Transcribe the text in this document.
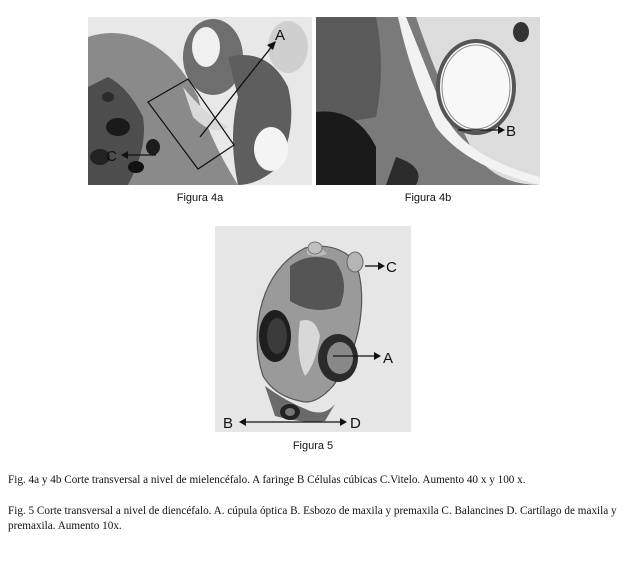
A
C
Figura 4a
B
Figura 4b
C
A
B	D
Figura 5
Fig. 4a y 4b Corte transversal a nivel de mielencéfalo. A faringe B Células cúbicas C.Vitelo. Aumento 40 x y 100 x.
Fig. 5 Corte transversal a nivel de diencéfalo. A. cúpula óptica B. Esbozo de maxila y premaxila C. Balancines D. Cartílago de maxila y premaxila. Aumento 10x.
